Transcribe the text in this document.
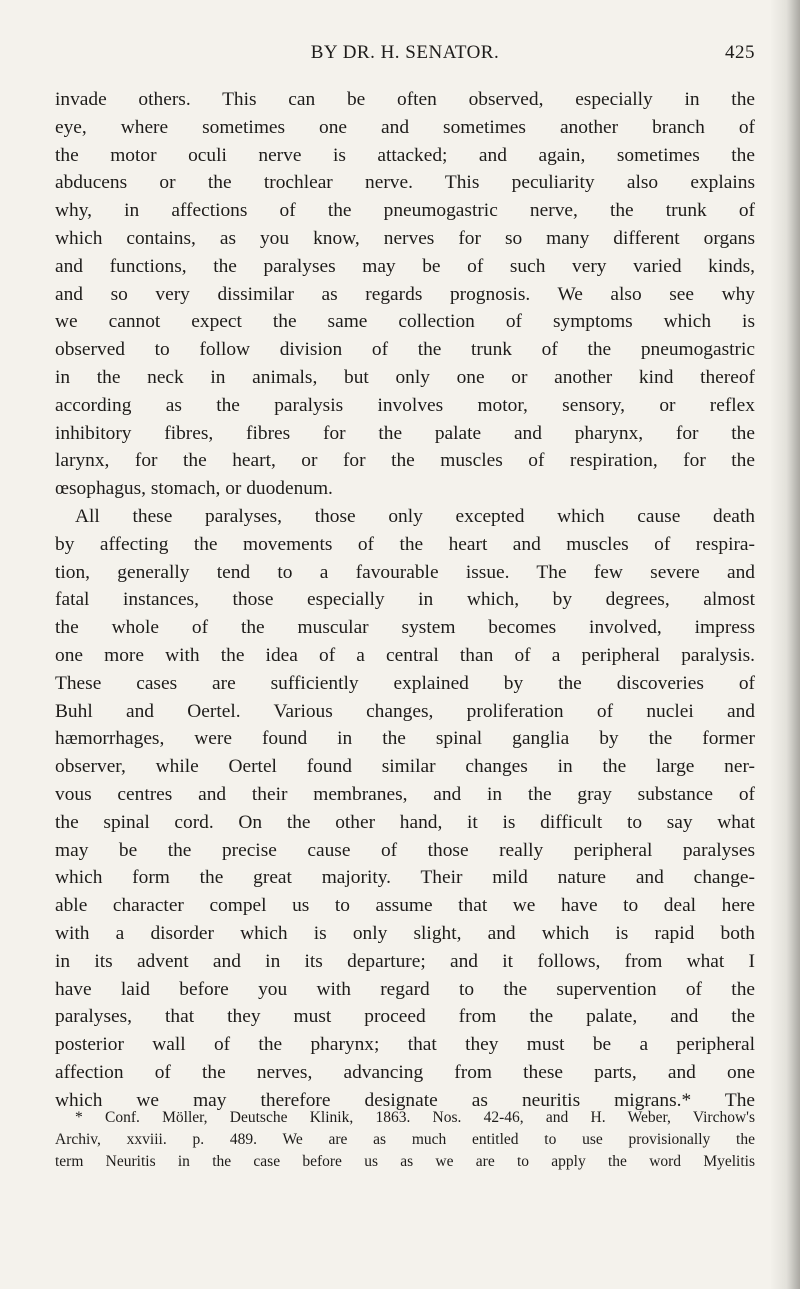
BY DR. H. SENATOR.	425
invade others. This can be often observed, especially in the
eye, where sometimes one and sometimes another branch of
the motor oculi nerve is attacked; and again, sometimes the
abducens or the trochlear nerve. This peculiarity also explains
why, in affections of the pneumogastric nerve, the trunk of
which contains, as you know, nerves for so many different organs
and functions, the paralyses may be of such very varied kinds,
and so very dissimilar as regards prognosis. We also see why
we cannot expect the same collection of symptoms which is
observed to follow division of the trunk of the pneumogastric
in the neck in animals, but only one or another kind thereof
according as the paralysis involves motor, sensory, or reflex
inhibitory fibres, fibres for the palate and pharynx, for the
larynx, for the heart, or for the muscles of respiration, for the
œsophagus, stomach, or duodenum.
All these paralyses, those only excepted which cause death
by affecting the movements of the heart and muscles of respira-
tion, generally tend to a favourable issue. The few severe and
fatal instances, those especially in which, by degrees, almost
the whole of the muscular system becomes involved, impress
one more with the idea of a central than of a peripheral paralysis.
These cases are sufficiently explained by the discoveries of
Buhl and Oertel. Various changes, proliferation of nuclei and
hæmorrhages, were found in the spinal ganglia by the former
observer, while Oertel found similar changes in the large ner-
vous centres and their membranes, and in the gray substance of
the spinal cord. On the other hand, it is difficult to say what
may be the precise cause of those really peripheral paralyses
which form the great majority. Their mild nature and change-
able character compel us to assume that we have to deal here
with a disorder which is only slight, and which is rapid both
in its advent and in its departure; and it follows, from what I
have laid before you with regard to the supervention of the
paralyses, that they must proceed from the palate, and the
posterior wall of the pharynx; that they must be a peripheral
affection of the nerves, advancing from these parts, and one
which we may therefore designate as neuritis migrans.* The
* Conf. Möller, Deutsche Klinik, 1863. Nos. 42-46, and H. Weber, Virchow's
Archiv, xxviii. p. 489. We are as much entitled to use provisionally the
term Neuritis in the case before us as we are to apply the word Myelitis
